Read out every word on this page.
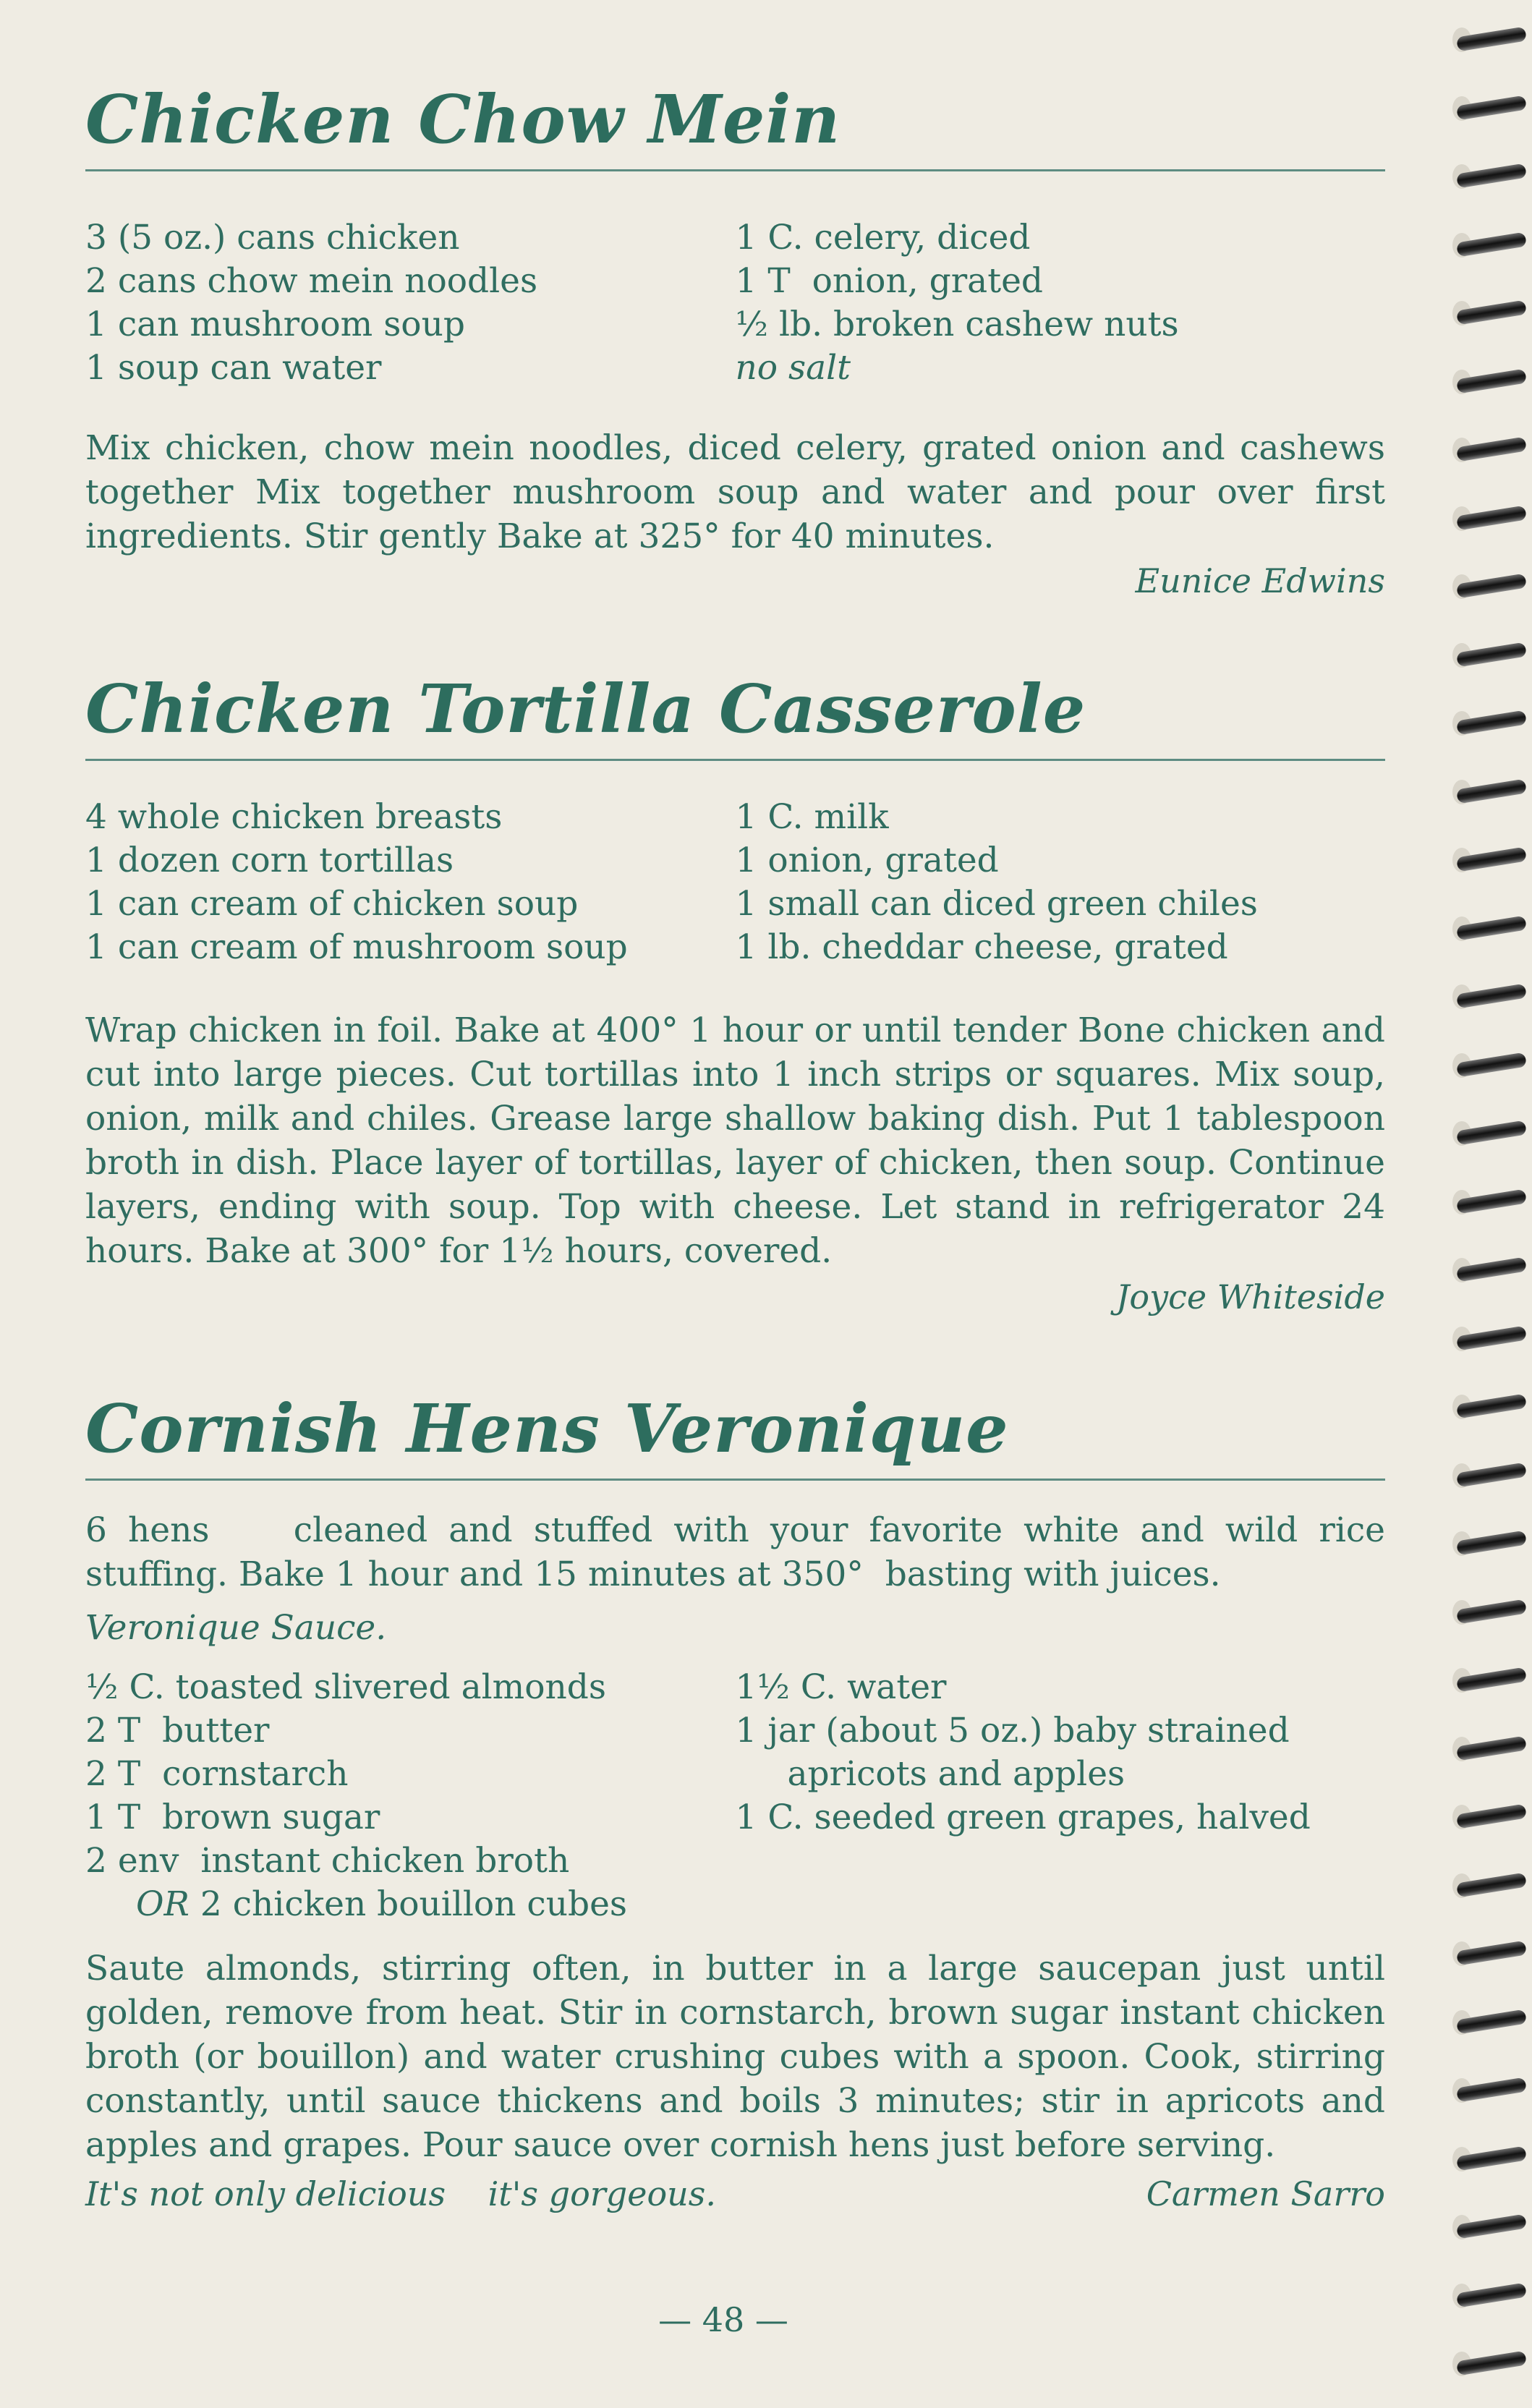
Chicken Chow Mein
3 (5 oz.) cans chicken
2 cans chow mein noodles
1 can mushroom soup
1 soup can water
1 C. celery, diced
1 T  onion, grated
½ lb. broken cashew nuts
no salt

Mix chicken, chow mein noodles, diced celery, grated onion and cashews together Mix together mushroom soup and water and pour over first ingredients. Stir gently Bake at 325° for 40 minutes.

Eunice Edwins
Chicken Tortilla Casserole
4 whole chicken breasts
1 dozen corn tortillas
1 can cream of chicken soup
1 can cream of mushroom soup
1 C. milk
1 onion, grated
1 small can diced green chiles
1 lb. cheddar cheese, grated

Wrap chicken in foil. Bake at 400° 1 hour or until tender Bone chicken and cut into large pieces. Cut tortillas into 1 inch strips or squares. Mix soup, onion, milk and chiles. Grease large shallow baking dish. Put 1 tablespoon broth in dish. Place layer of tortillas, layer of chicken, then soup. Continue layers, ending with soup. Top with cheese. Let stand in refrigerator 24 hours. Bake at 300° for 1½ hours, covered.

Joyce Whiteside
Cornish Hens Veronique

6 hens    cleaned and stuffed with your favorite white and wild rice stuffing. Bake 1 hour and 15 minutes at 350°  basting with juices.

Veronique Sauce.
½ C. toasted slivered almonds
2 T  butter
2 T  cornstarch
1 T  brown sugar
2 env  instant chicken broth
OR 2 chicken bouillon cubes
1½ C. water
1 jar (about 5 oz.) baby strained
apricots and apples
1 C. seeded green grapes, halved

Saute almonds, stirring often, in butter in a large saucepan just until golden, remove from heat. Stir in cornstarch, brown sugar instant chicken broth (or bouillon) and water crushing cubes with a spoon. Cook, stirring constantly, until sauce thickens and boils 3 minutes; stir in apricots and apples and grapes. Pour sauce over cornish hens just before serving.

It's not only delicious    it's gorgeous.	Carmen Sarro
— 48 —
